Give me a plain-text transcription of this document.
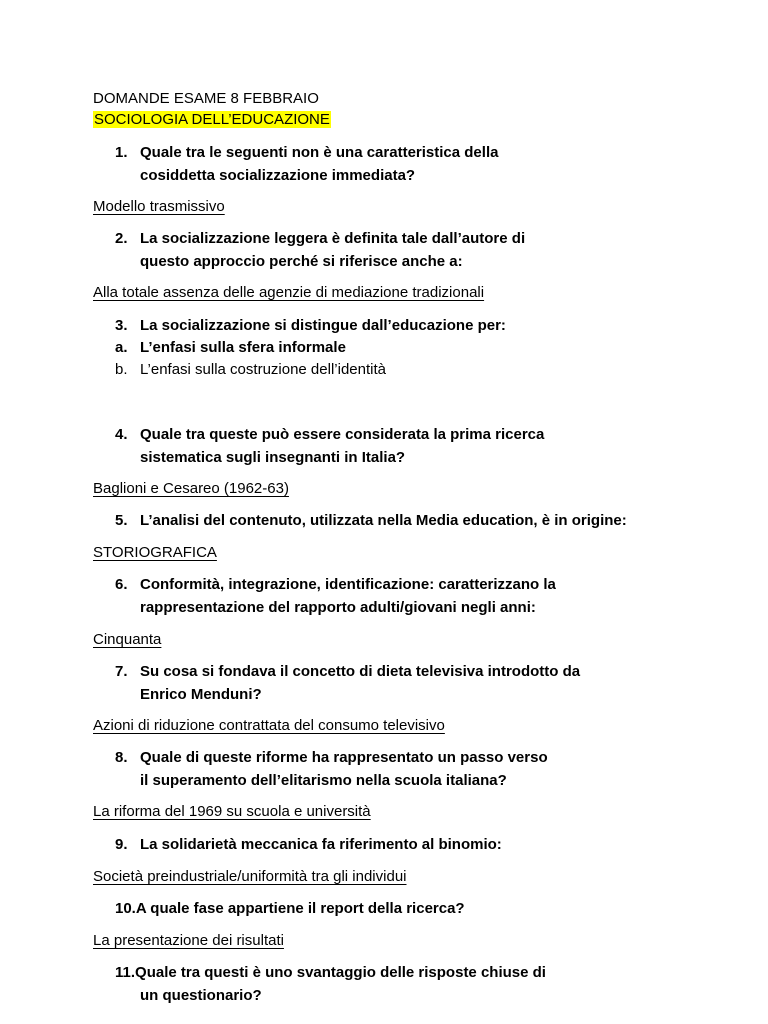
DOMANDE ESAME 8 FEBBRAIO
SOCIOLOGIA DELL’EDUCAZIONE
1. Quale tra le seguenti non è una caratteristica della
cosiddetta socializzazione immediata?
Modello trasmissivo
2. La socializzazione leggera è definita tale dall’autore di
questo approccio perché si riferisce anche a:
Alla totale assenza delle agenzie di mediazione tradizionali
3. La socializzazione si distingue dall’educazione per:
a. L’enfasi sulla sfera informale
b. L’enfasi sulla costruzione dell’identità
4. Quale tra queste può essere considerata la prima ricerca
sistematica sugli insegnanti in Italia?
Baglioni e Cesareo (1962-63)
5. L’analisi del contenuto, utilizzata nella Media education, è in origine:
STORIOGRAFICA
6. Conformità, integrazione, identificazione: caratterizzano la
rappresentazione del rapporto adulti/giovani negli anni:
Cinquanta
7. Su cosa si fondava il concetto di dieta televisiva introdotto da
Enrico Menduni?
Azioni di riduzione contrattata del consumo televisivo
8. Quale di queste riforme ha rappresentato un passo verso
il superamento dell’elitarismo nella scuola italiana?
La riforma del 1969 su scuola e università
9. La solidarietà meccanica fa riferimento al binomio:
Società preindustriale/uniformità tra gli individui
10.A quale fase appartiene il report della ricerca?
La presentazione dei risultati
11.Quale tra questi è uno svantaggio delle risposte chiuse di
un questionario?
